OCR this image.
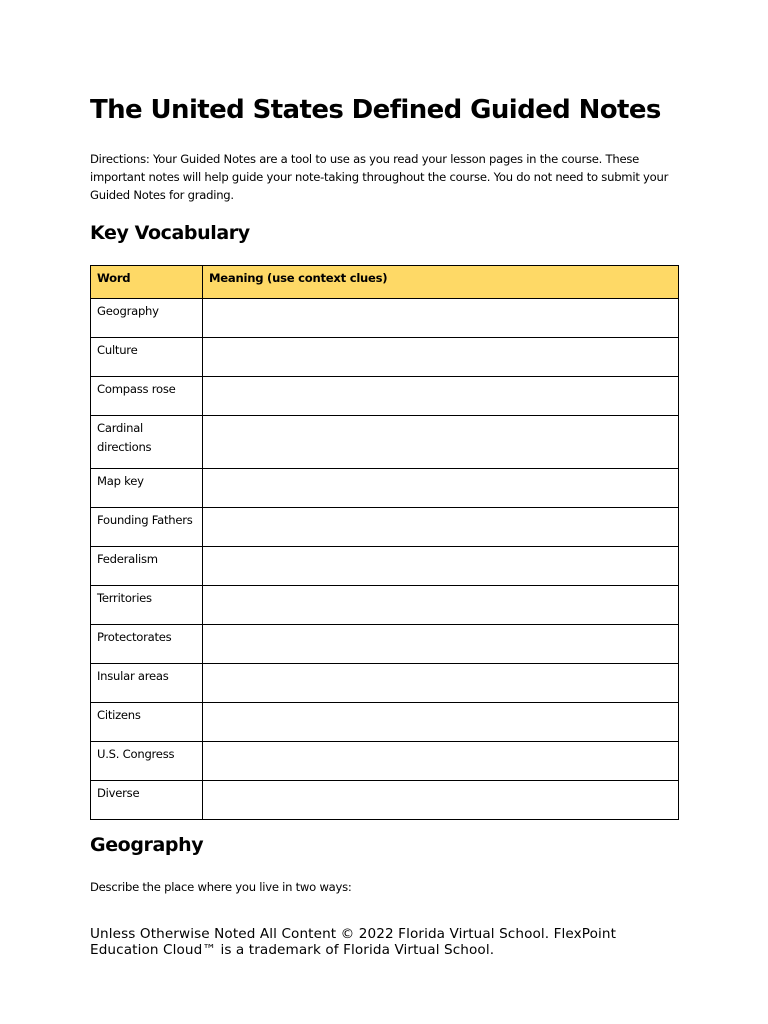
The United States Defined Guided Notes

Directions: Your Guided Notes are a tool to use as you read your lesson pages in the course. These important notes will help guide your note-taking throughout the course. You do not need to submit your Guided Notes for grading.

Key Vocabulary
Word	Meaning (use context clues)
Geography	
Culture	
Compass rose	
Cardinal directions	
Map key	
Founding Fathers	
Federalism	
Territories	
Protectorates	
Insular areas	
Citizens	
U.S. Congress	
Diverse	
Geography

Describe the place where you live in two ways:

Unless Otherwise Noted All Content © 2022 Florida Virtual School. FlexPoint Education Cloud™ is a trademark of Florida Virtual School.
